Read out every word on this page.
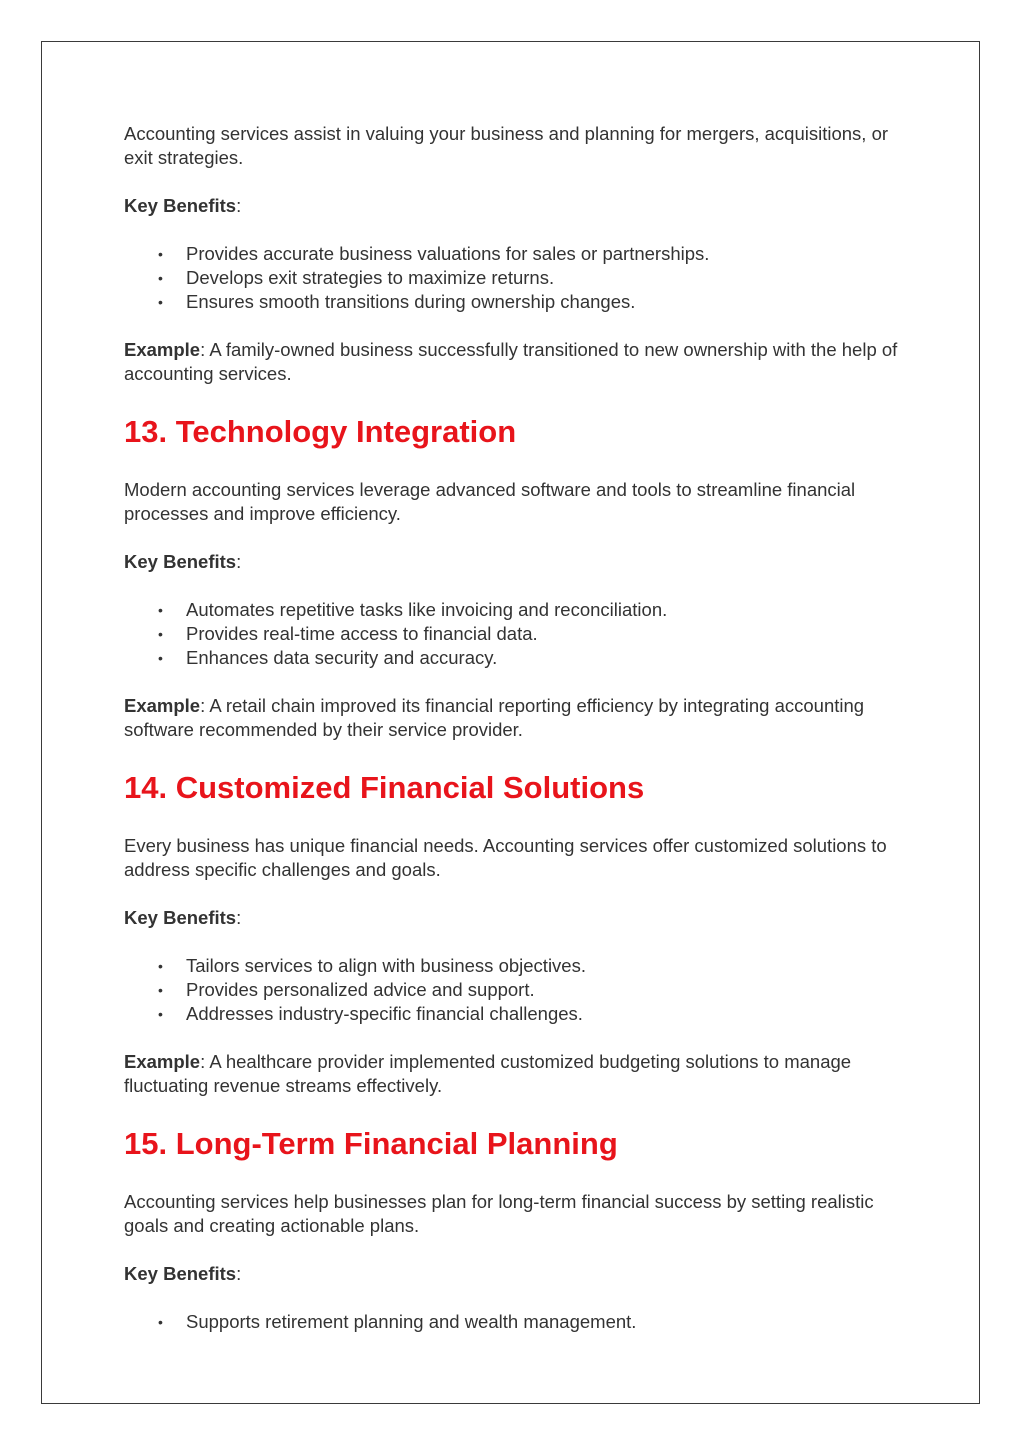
Accounting services assist in valuing your business and planning for mergers, acquisitions, or exit strategies.

Key Benefits:

• Provides accurate business valuations for sales or partnerships.
• Develops exit strategies to maximize returns.
• Ensures smooth transitions during ownership changes.

Example: A family-owned business successfully transitioned to new ownership with the help of accounting services.

13. Technology Integration

Modern accounting services leverage advanced software and tools to streamline financial processes and improve efficiency.

Key Benefits:

• Automates repetitive tasks like invoicing and reconciliation.
• Provides real-time access to financial data.
• Enhances data security and accuracy.

Example: A retail chain improved its financial reporting efficiency by integrating accounting software recommended by their service provider.

14. Customized Financial Solutions

Every business has unique financial needs. Accounting services offer customized solutions to address specific challenges and goals.

Key Benefits:

• Tailors services to align with business objectives.
• Provides personalized advice and support.
• Addresses industry-specific financial challenges.

Example: A healthcare provider implemented customized budgeting solutions to manage fluctuating revenue streams effectively.

15. Long-Term Financial Planning

Accounting services help businesses plan for long-term financial success by setting realistic goals and creating actionable plans.

Key Benefits:

• Supports retirement planning and wealth management.
